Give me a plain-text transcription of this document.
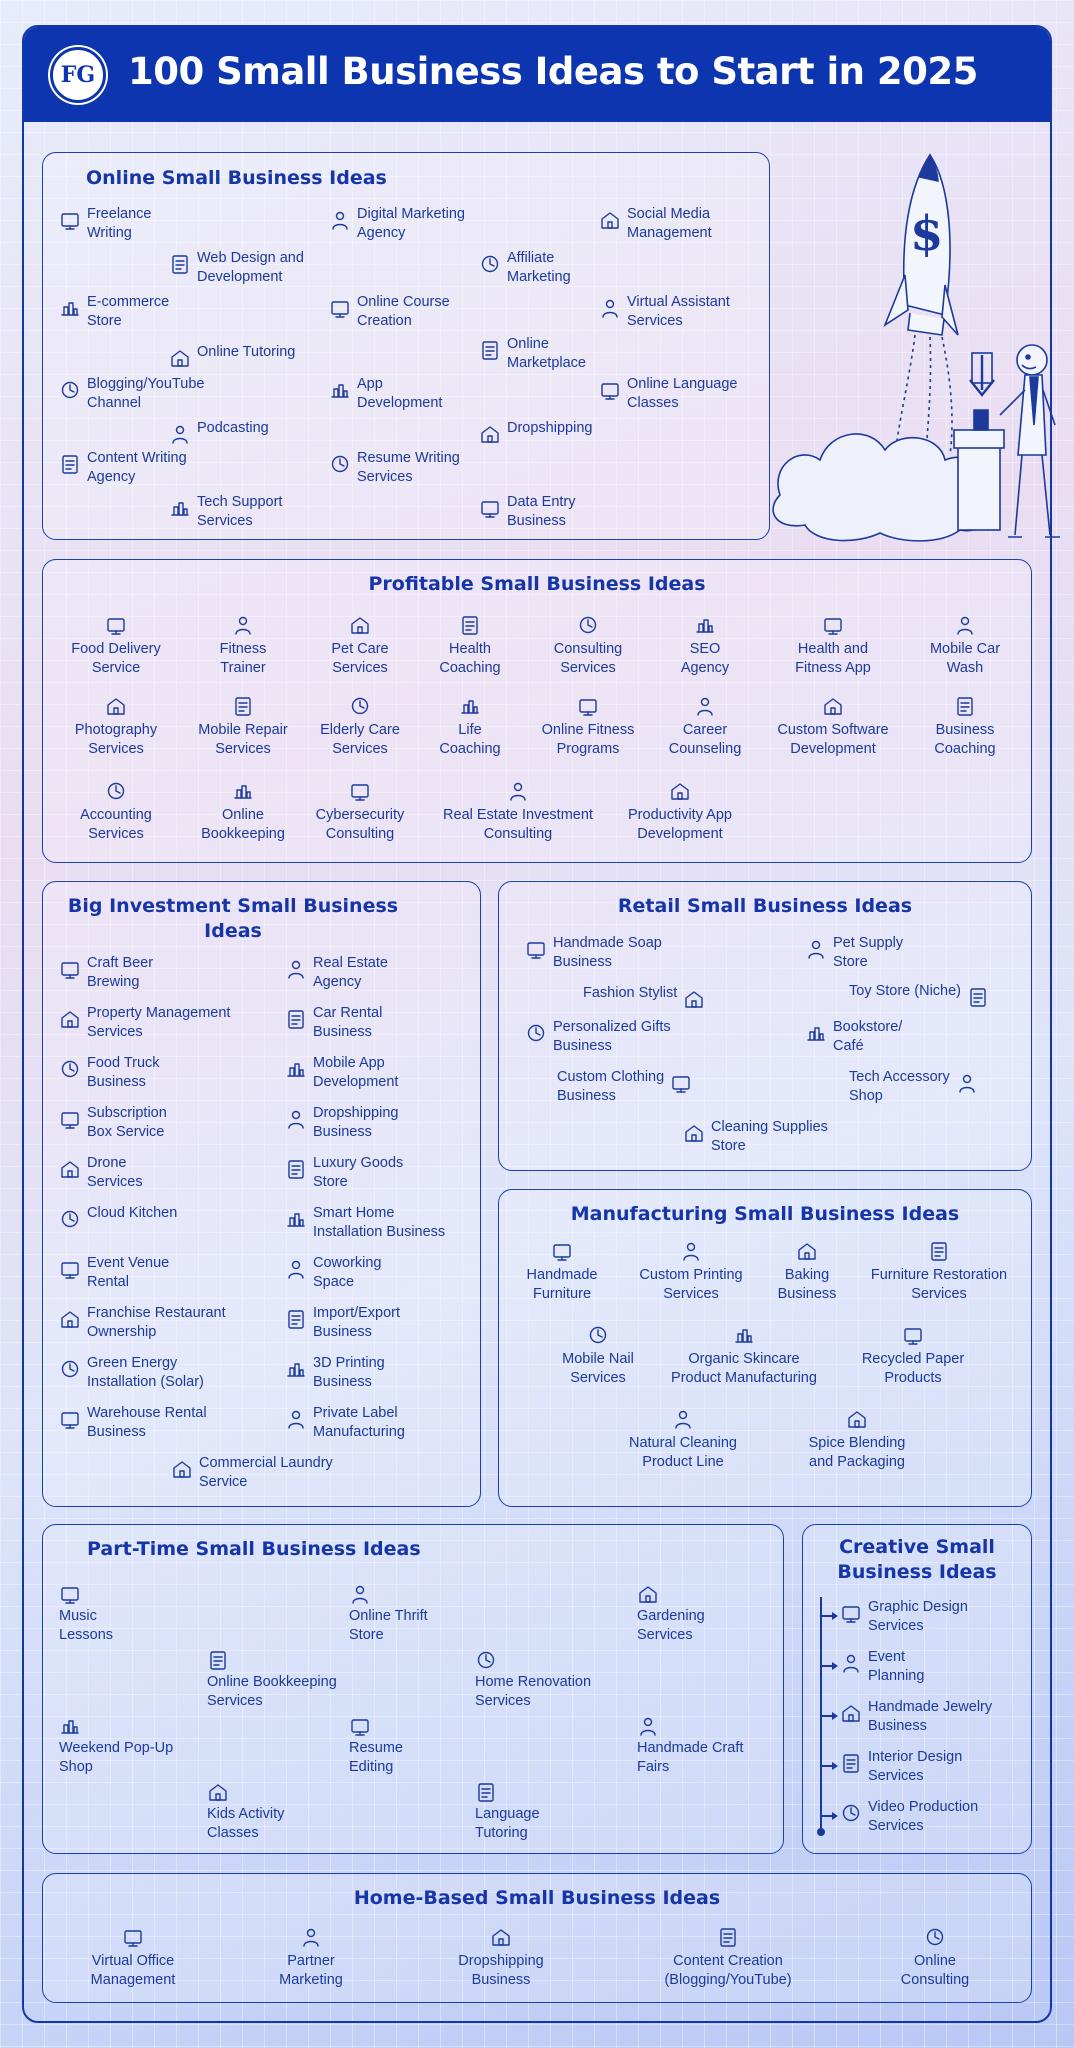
FG 100 Small Business Ideas to Start in 2025
$
Online Small Business Ideas
Freelance
Writing
Digital Marketing
Agency
Social Media
Management
Web Design and
Development
Affiliate
Marketing
E-commerce
Store
Online Course
Creation
Virtual Assistant
Services
Online Tutoring	Online
Marketplace
Blogging/YouTube
Channel
App
Development
Online Language
Classes
Podcasting	Dropshipping
Content Writing
Agency
Resume Writing
Services
Tech Support
Services
Data Entry
Business
Profitable Small Business Ideas
Food Delivery
Service
Fitness
Trainer
Pet Care
Services
Health
Coaching
Consulting
Services
SEO
Agency
Health and
Fitness App
Mobile Car
Wash
Photography
Services
Mobile Repair
Services
Elderly Care
Services
Life
Coaching
Online Fitness
Programs
Career
Counseling
Custom Software
Development
Business
Coaching
Accounting
Services
Online
Bookkeeping
Cybersecurity
Consulting
Real Estate Investment
Consulting
Productivity App
Development
Big Investment Small Business
Ideas
Craft Beer
Brewing
Real Estate
Agency
Property Management
Services
Car Rental
Business
Food Truck
Business
Mobile App
Development
Subscription
Box Service
Dropshipping
Business
Drone
Services
Luxury Goods
Store
Cloud Kitchen	Smart Home
Installation Business
Event Venue
Rental
Coworking
Space
Franchise Restaurant
Ownership
Import/Export
Business
Green Energy
Installation (Solar)
3D Printing
Business
Warehouse Rental
Business
Private Label
Manufacturing
Commercial Laundry
Service
Retail Small Business Ideas
Handmade Soap
Business
Pet Supply
Store
Fashion Stylist	Toy Store (Niche)
Personalized Gifts
Business
Bookstore/
Café
Custom Clothing
Business
Tech Accessory
Shop
Cleaning Supplies
Store
Manufacturing Small Business Ideas
Handmade
Furniture
Custom Printing
Services
Baking
Business
Furniture Restoration
Services
Mobile Nail
Services
Organic Skincare
Product Manufacturing
Recycled Paper
Products
Natural Cleaning
Product Line
Spice Blending
and Packaging
Part-Time Small Business Ideas
Music
Lessons
Online Thrift
Store
Gardening
Services
Online Bookkeeping
Services
Home Renovation
Services
Weekend Pop-Up
Shop
Resume
Editing
Handmade Craft
Fairs
Kids Activity
Classes
Language
Tutoring
Creative Small
Business Ideas
Graphic Design
Services
Event
Planning
Handmade Jewelry
Business
Interior Design
Services
Video Production
Services
Home-Based Small Business Ideas
Virtual Office
Management
Partner
Marketing
Dropshipping
Business
Content Creation
(Blogging/YouTube)
Online
Consulting
